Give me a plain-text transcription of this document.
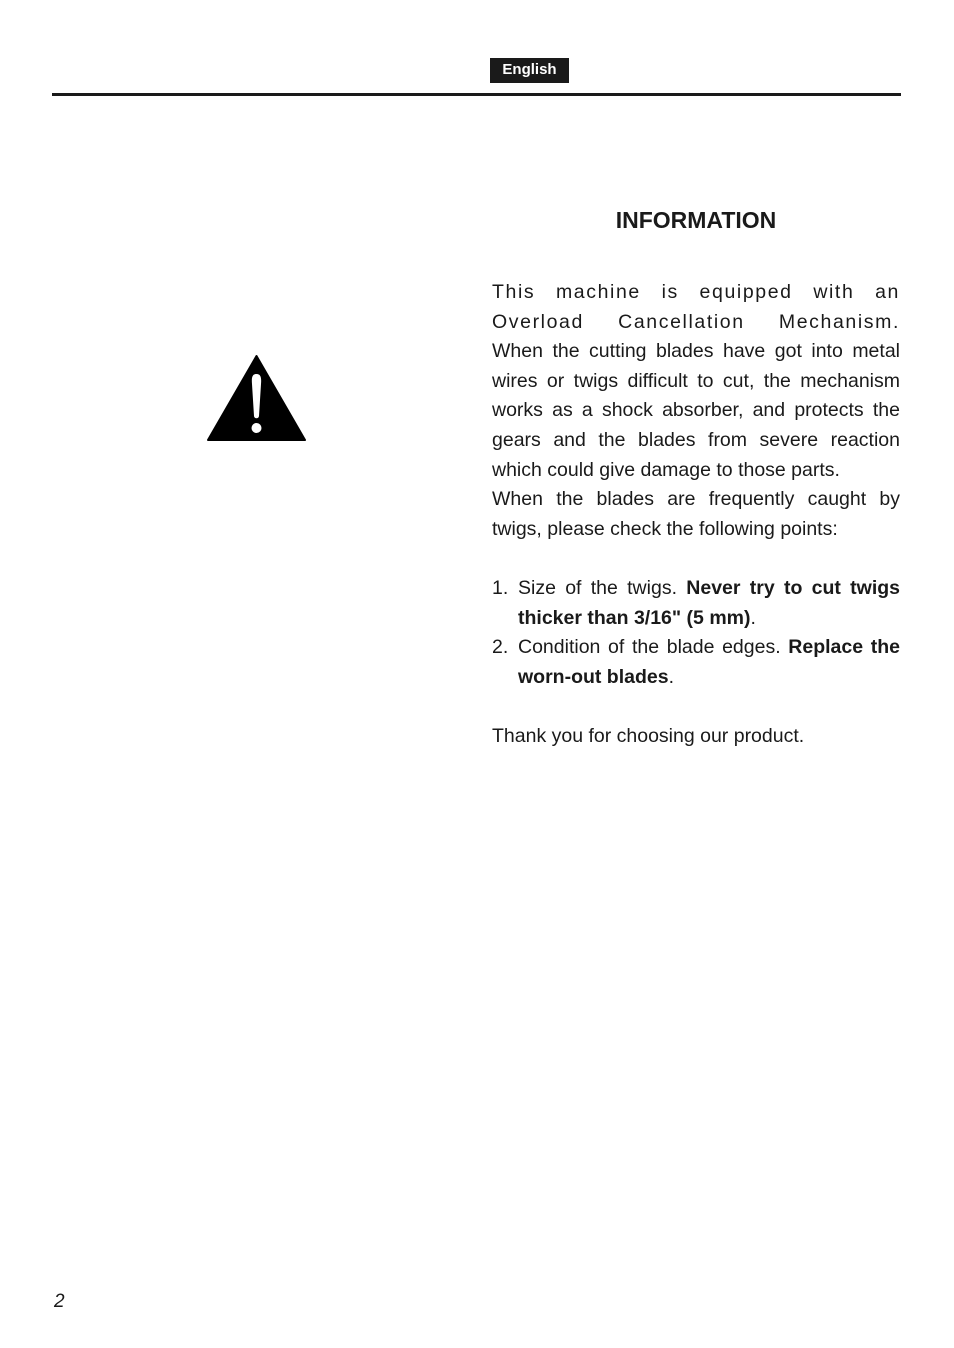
English
INFORMATION

This machine is equipped with an Overload Cancellation Mechanism.

When the cutting blades have got into metal wires or twigs difficult to cut, the mechanism works as a shock absorber, and protects the gears and the blades from severe reaction which could give damage to those parts.

When the blades are frequently caught by twigs, please check the following points:

1. Size of the twigs. Never try to cut twigs thicker than 3/16" (5 mm).
2. Condition of the blade edges. Replace the worn-out blades.

Thank you for choosing our product.

2
